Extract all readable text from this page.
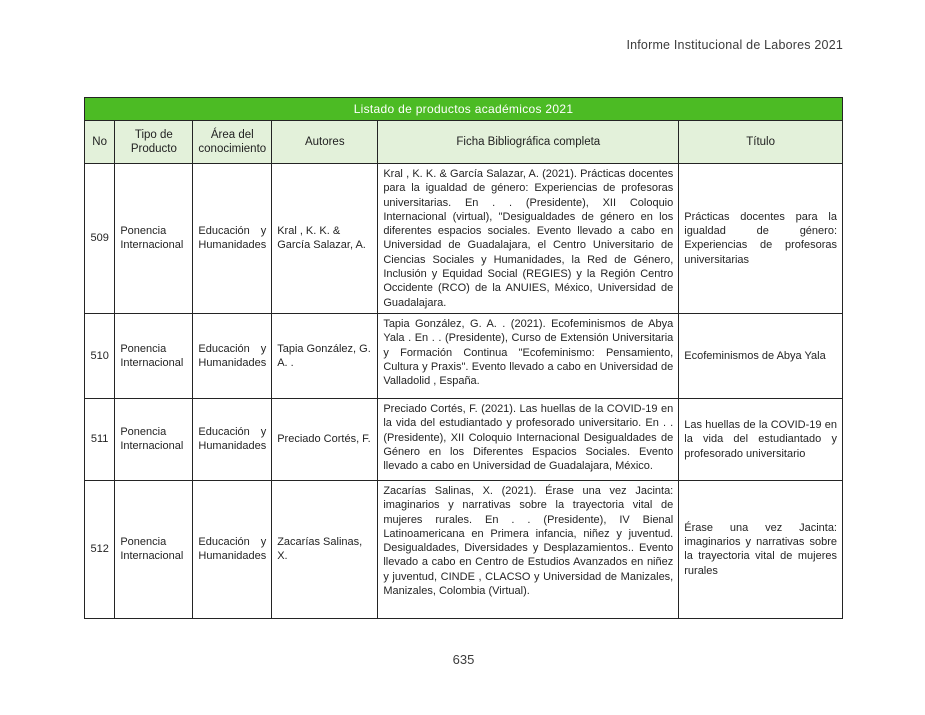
Informe Institucional de Labores 2021
Listado de productos académicos 2021					
No	Tipo de Producto	Área del conocimiento	Autores	Ficha Bibliográfica completa	Título
509	Ponencia Internacional	Educación y Humanidades	Kral , K. K. & García Salazar, A.	Kral , K. K. & García Salazar, A. (2021). Prácticas docentes para la igualdad de género: Experiencias de profesoras universitarias. En . . (Presidente), XII Coloquio Internacional (virtual), "Desigualdades de género en los diferentes espacios sociales. Evento llevado a cabo en Universidad de Guadalajara, el Centro Universitario de Ciencias Sociales y Humanidades, la Red de Género, Inclusión y Equidad Social (REGIES) y la Región Centro Occidente (RCO) de la ANUIES, México, Universidad de Guadalajara.	Prácticas docentes para la igualdad de género: Experiencias de profesoras universitarias
510	Ponencia Internacional	Educación y Humanidades	Tapia González, G. A. .	Tapia González, G. A. . (2021). Ecofeminismos de Abya Yala . En . . (Presidente), Curso de Extensión Universitaria y Formación Continua "Ecofeminismo: Pensamiento, Cultura y Praxis". Evento llevado a cabo en Universidad de Valladolid , España.	Ecofeminismos de Abya Yala
511	Ponencia Internacional	Educación y Humanidades	Preciado Cortés, F.	Preciado Cortés, F. (2021). Las huellas de la COVID-19 en la vida del estudiantado y profesorado universitario. En . . (Presidente), XII Coloquio Internacional Desigualdades de Género en los Diferentes Espacios Sociales. Evento llevado a cabo en Universidad de Guadalajara, México.	Las huellas de la COVID-19 en la vida del estudiantado y profesorado universitario
512	Ponencia Internacional	Educación y Humanidades	Zacarías Salinas, X.	Zacarías Salinas, X. (2021). Érase una vez Jacinta: imaginarios y narrativas sobre la trayectoria vital de mujeres rurales. En . . (Presidente), IV Bienal Latinoamericana en Primera infancia, niñez y juventud. Desigualdades, Diversidades y Desplazamientos.. Evento llevado a cabo en Centro de Estudios Avanzados en niñez y juventud, CINDE , CLACSO y Universidad de Manizales, Manizales, Colombia (Virtual).	Érase una vez Jacinta: imaginarios y narrativas sobre la trayectoria vital de mujeres rurales
635
